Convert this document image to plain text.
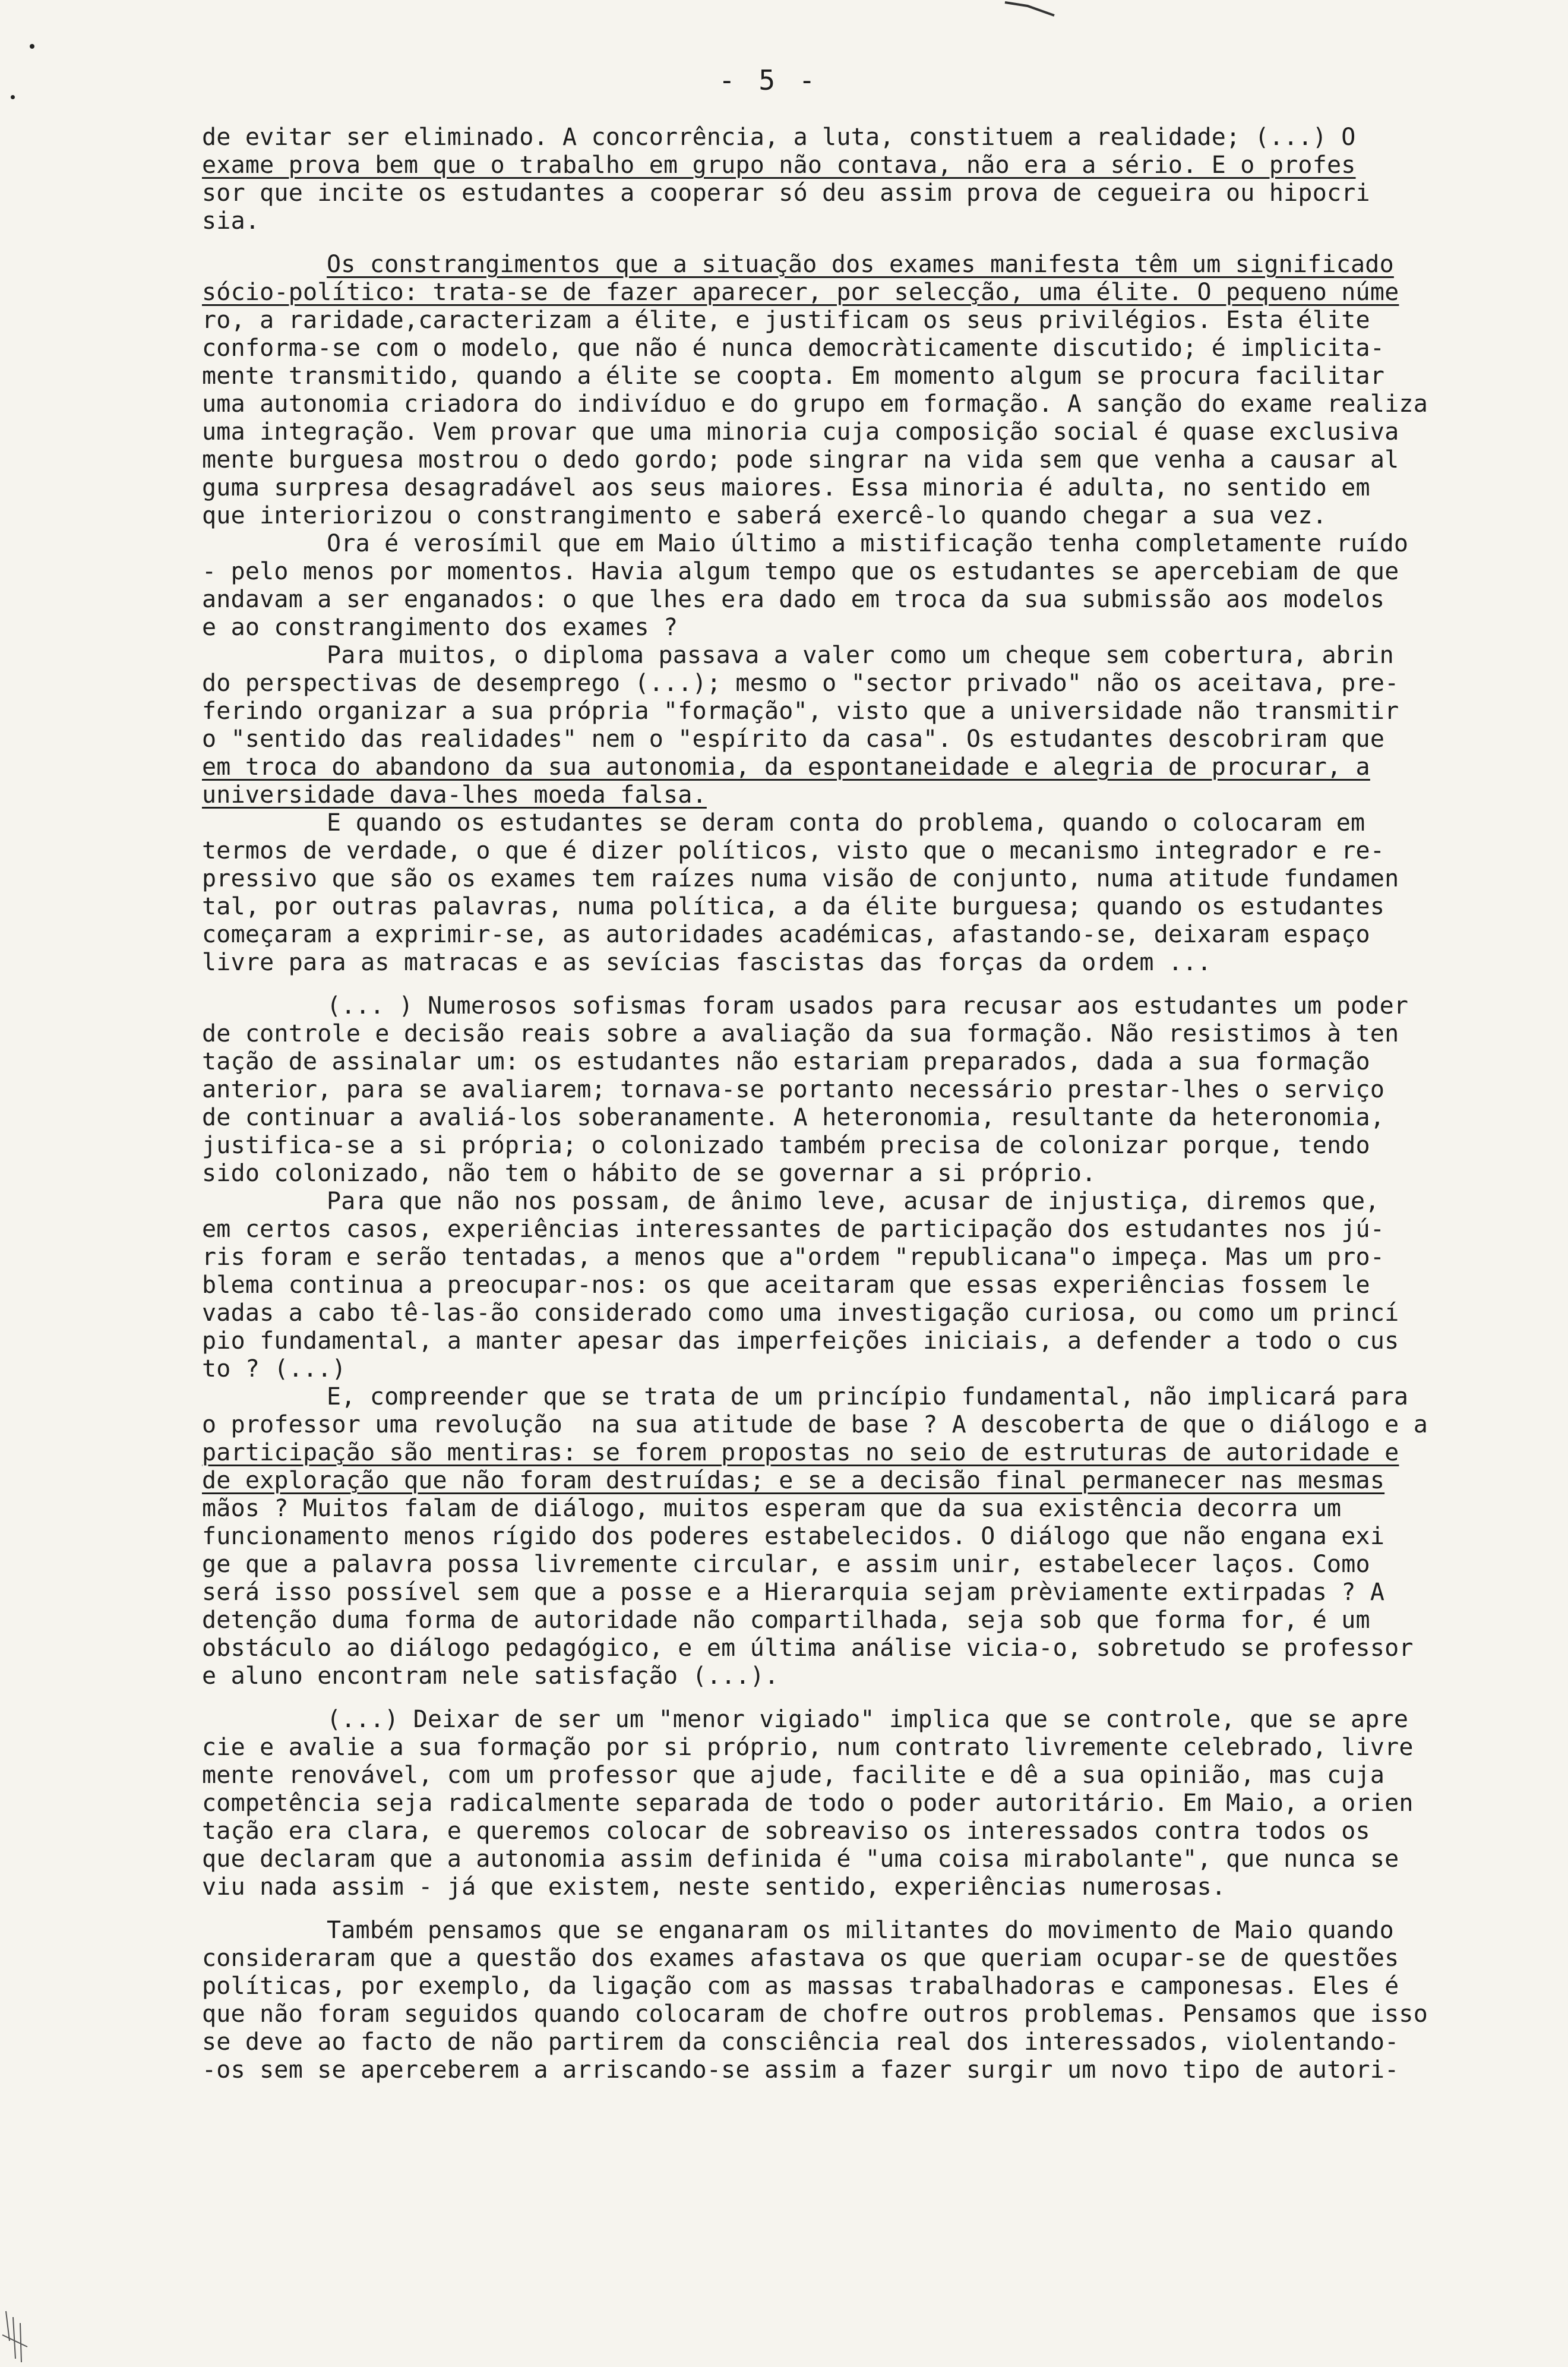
- 5 -
de evitar ser eliminado. A concorrência, a luta, constituem a realidade; (...) O
exame prova bem que o trabalho em grupo não contava, não era a sério. E o profes
sor que incite os estudantes a cooperar só deu assim prova de cegueira ou hipocri
sia.
Os constrangimentos que a situação dos exames manifesta têm um significado
sócio-político: trata-se de fazer aparecer, por selecção, uma élite. O pequeno núme
ro, a raridade,caracterizam a élite, e justificam os seus privilégios. Esta élite
conforma-se com o modelo, que não é nunca democràticamente discutido; é implicita-
mente transmitido, quando a élite se coopta. Em momento algum se procura facilitar
uma autonomia criadora do indivíduo e do grupo em formação. A sanção do exame realiza
uma integração. Vem provar que uma minoria cuja composição social é quase exclusiva
mente burguesa mostrou o dedo gordo; pode singrar na vida sem que venha a causar al
guma surpresa desagradável aos seus maiores. Essa minoria é adulta, no sentido em
que interiorizou o constrangimento e saberá exercê-lo quando chegar a sua vez.
Ora é verosímil que em Maio último a mistificação tenha completamente ruído
- pelo menos por momentos. Havia algum tempo que os estudantes se apercebiam de que
andavam a ser enganados: o que lhes era dado em troca da sua submissão aos modelos
e ao constrangimento dos exames ?
Para muitos, o diploma passava a valer como um cheque sem cobertura, abrin
do perspectivas de desemprego (...); mesmo o "sector privado" não os aceitava, pre-
ferindo organizar a sua própria "formação", visto que a universidade não transmitir
o "sentido das realidades" nem o "espírito da casa". Os estudantes descobriram que
em troca do abandono da sua autonomia, da espontaneidade e alegria de procurar, a
universidade dava-lhes moeda falsa.
E quando os estudantes se deram conta do problema, quando o colocaram em
termos de verdade, o que é dizer políticos, visto que o mecanismo integrador e re-
pressivo que são os exames tem raízes numa visão de conjunto, numa atitude fundamen
tal, por outras palavras, numa política, a da élite burguesa; quando os estudantes
começaram a exprimir-se, as autoridades académicas, afastando-se, deixaram espaço
livre para as matracas e as sevícias fascistas das forças da ordem ...
(... ) Numerosos sofismas foram usados para recusar aos estudantes um poder
de controle e decisão reais sobre a avaliação da sua formação. Não resistimos à ten
tação de assinalar um: os estudantes não estariam preparados, dada a sua formação
anterior, para se avaliarem; tornava-se portanto necessário prestar-lhes o serviço
de continuar a avaliá-los soberanamente. A heteronomia, resultante da heteronomia,
justifica-se a si própria; o colonizado também precisa de colonizar porque, tendo
sido colonizado, não tem o hábito de se governar a si próprio.
Para que não nos possam, de ânimo leve, acusar de injustiça, diremos que,
em certos casos, experiências interessantes de participação dos estudantes nos jú-
ris foram e serão tentadas, a menos que a"ordem "republicana"o impeça. Mas um pro-
blema continua a preocupar-nos: os que aceitaram que essas experiências fossem le
vadas a cabo tê-las-ão considerado como uma investigação curiosa, ou como um princí
pio fundamental, a manter apesar das imperfeições iniciais, a defender a todo o cus
to ? (...)
E, compreender que se trata de um princípio fundamental, não implicará para
o professor uma revolução  na sua atitude de base ? A descoberta de que o diálogo e a
participação são mentiras: se forem propostas no seio de estruturas de autoridade e
de exploração que não foram destruídas; e se a decisão final permanecer nas mesmas
mãos ? Muitos falam de diálogo, muitos esperam que da sua existência decorra um
funcionamento menos rígido dos poderes estabelecidos. O diálogo que não engana exi
ge que a palavra possa livremente circular, e assim unir, estabelecer laços. Como
será isso possível sem que a posse e a Hierarquia sejam prèviamente extirpadas ? A
detenção duma forma de autoridade não compartilhada, seja sob que forma for, é um
obstáculo ao diálogo pedagógico, e em última análise vicia-o, sobretudo se professor
e aluno encontram nele satisfação (...).
(...) Deixar de ser um "menor vigiado" implica que se controle, que se apre
cie e avalie a sua formação por si próprio, num contrato livremente celebrado, livre
mente renovável, com um professor que ajude, facilite e dê a sua opinião, mas cuja
competência seja radicalmente separada de todo o poder autoritário. Em Maio, a orien
tação era clara, e queremos colocar de sobreaviso os interessados contra todos os
que declaram que a autonomia assim definida é "uma coisa mirabolante", que nunca se
viu nada assim - já que existem, neste sentido, experiências numerosas.
Também pensamos que se enganaram os militantes do movimento de Maio quando
consideraram que a questão dos exames afastava os que queriam ocupar-se de questões
políticas, por exemplo, da ligação com as massas trabalhadoras e camponesas. Eles é
que não foram seguidos quando colocaram de chofre outros problemas. Pensamos que isso
se deve ao facto de não partirem da consciência real dos interessados, violentando-
-os sem se aperceberem a arriscando-se assim a fazer surgir um novo tipo de autori-
